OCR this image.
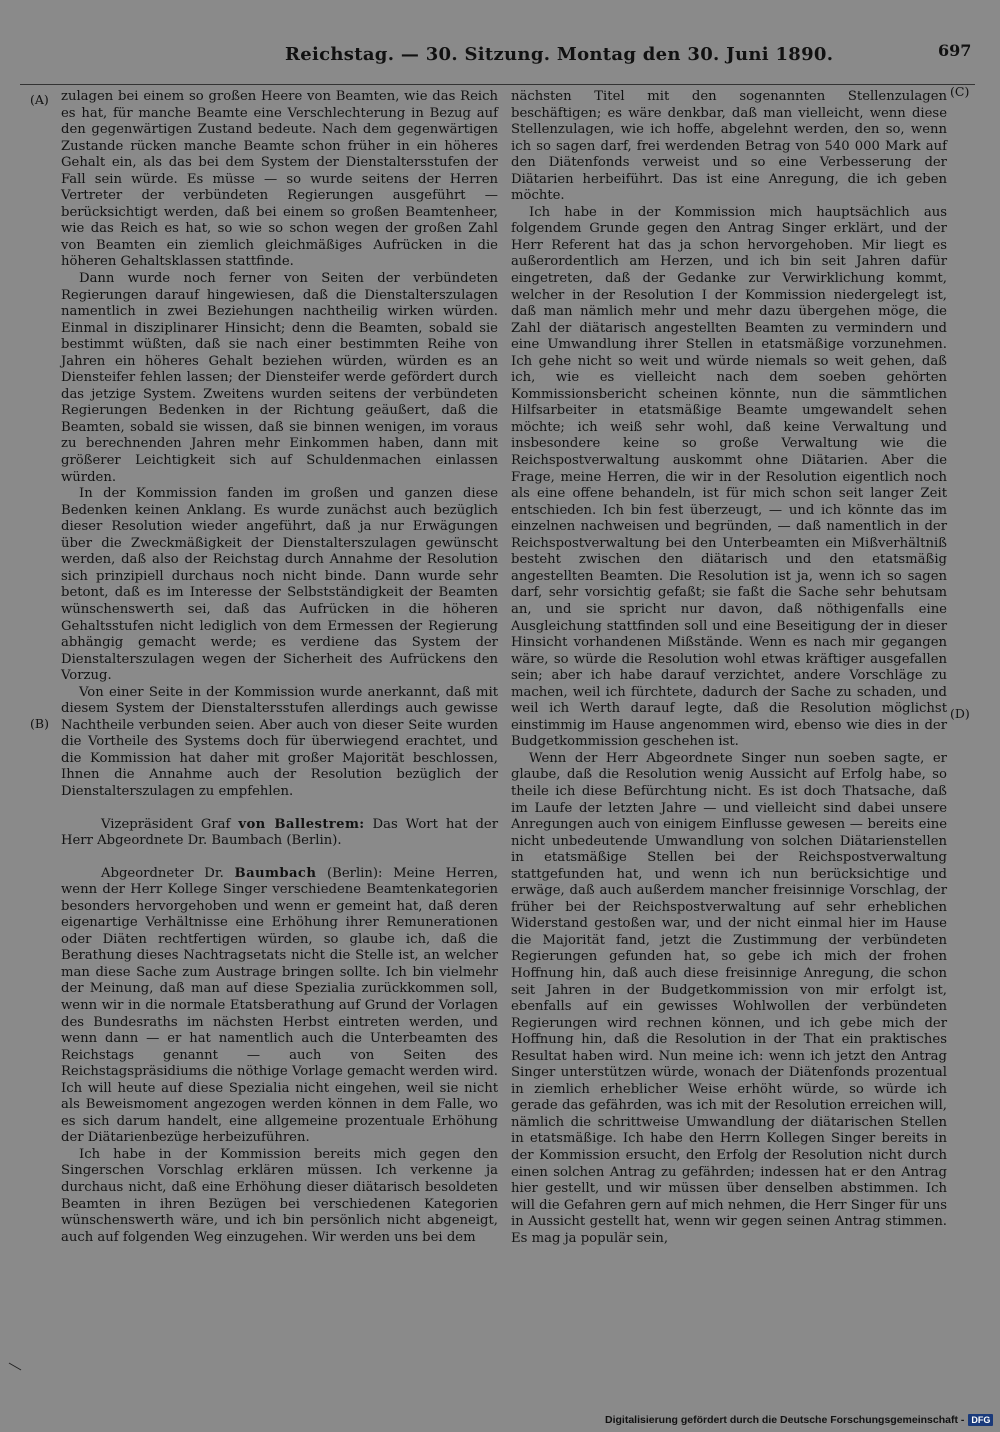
Reichstag. — 30. Sitzung. Montag den 30. Juni 1890.	697
(A)
(B)
(C)
(D)

zulagen bei einem so großen Heere von Beamten, wie das Reich es hat, für manche Beamte eine Verschlechterung in Bezug auf den gegenwärtigen Zustand bedeute. Nach dem gegenwärtigen Zustande rücken manche Beamte schon früher in ein höheres Gehalt ein, als das bei dem System der Dienstaltersstufen der Fall sein würde. Es müsse — so wurde seitens der Herren Vertreter der verbündeten Regierungen ausgeführt — berücksichtigt werden, daß bei einem so großen Beamtenheer, wie das Reich es hat, so wie so schon wegen der großen Zahl von Beamten ein ziemlich gleichmäßiges Aufrücken in die höheren Gehaltsklassen stattfinde.

Dann wurde noch ferner von Seiten der verbündeten Regierungen darauf hingewiesen, daß die Dienstalterszulagen namentlich in zwei Beziehungen nachtheilig wirken würden. Einmal in disziplinarer Hinsicht; denn die Beamten, sobald sie bestimmt wüßten, daß sie nach einer bestimmten Reihe von Jahren ein höheres Gehalt beziehen würden, würden es an Diensteifer fehlen lassen; der Diensteifer werde gefördert durch das jetzige System. Zweitens wurden seitens der verbündeten Regierungen Bedenken in der Richtung geäußert, daß die Beamten, sobald sie wissen, daß sie binnen wenigen, im voraus zu berechnenden Jahren mehr Einkommen haben, dann mit größerer Leichtigkeit sich auf Schuldenmachen einlassen würden.

In der Kommission fanden im großen und ganzen diese Bedenken keinen Anklang. Es wurde zunächst auch bezüglich dieser Resolution wieder angeführt, daß ja nur Erwägungen über die Zweckmäßigkeit der Dienstalterszulagen gewünscht werden, daß also der Reichstag durch Annahme der Resolution sich prinzipiell durchaus noch nicht binde. Dann wurde sehr betont, daß es im Interesse der Selbstständigkeit der Beamten wünschenswerth sei, daß das Aufrücken in die höheren Gehaltsstufen nicht lediglich von dem Ermessen der Regierung abhängig gemacht werde; es verdiene das System der Dienstalterszulagen wegen der Sicherheit des Aufrückens den Vorzug.

Von einer Seite in der Kommission wurde anerkannt, daß mit diesem System der Dienstaltersstufen allerdings auch gewisse Nachtheile verbunden seien. Aber auch von dieser Seite wurden die Vortheile des Systems doch für überwiegend erachtet, und die Kommission hat daher mit großer Majorität beschlossen, Ihnen die Annahme auch der Resolution bezüglich der Dienstalterszulagen zu empfehlen.

Vizepräsident Graf von Ballestrem: Das Wort hat der Herr Abgeordnete Dr. Baumbach (Berlin).

Abgeordneter Dr. Baumbach (Berlin): Meine Herren, wenn der Herr Kollege Singer verschiedene Beamtenkategorien besonders hervorgehoben und wenn er gemeint hat, daß deren eigenartige Verhältnisse eine Erhöhung ihrer Remunerationen oder Diäten rechtfertigen würden, so glaube ich, daß die Berathung dieses Nachtragsetats nicht die Stelle ist, an welcher man diese Sache zum Austrage bringen sollte. Ich bin vielmehr der Meinung, daß man auf diese Spezialia zurückkommen soll, wenn wir in die normale Etatsberathung auf Grund der Vorlagen des Bundesraths im nächsten Herbst eintreten werden, und wenn dann — er hat namentlich auch die Unterbeamten des Reichstags genannt — auch von Seiten des Reichstagspräsidiums die nöthige Vorlage gemacht werden wird. Ich will heute auf diese Spezialia nicht eingehen, weil sie nicht als Beweismoment angezogen werden können in dem Falle, wo es sich darum handelt, eine allgemeine prozentuale Erhöhung der Diätarienbezüge herbeizuführen.

Ich habe in der Kommission bereits mich gegen den Singerschen Vorschlag erklären müssen. Ich verkenne ja durchaus nicht, daß eine Erhöhung dieser diätarisch besoldeten Beamten in ihren Bezügen bei verschiedenen Kategorien wünschenswerth wäre, und ich bin persönlich nicht abgeneigt, auch auf folgenden Weg einzugehen. Wir werden uns bei dem

nächsten Titel mit den sogenannten Stellenzulagen beschäftigen; es wäre denkbar, daß man vielleicht, wenn diese Stellenzulagen, wie ich hoffe, abgelehnt werden, den so, wenn ich so sagen darf, frei werdenden Betrag von 540 000 Mark auf den Diätenfonds verweist und so eine Verbesserung der Diätarien herbeiführt. Das ist eine Anregung, die ich geben möchte.

Ich habe in der Kommission mich hauptsächlich aus folgendem Grunde gegen den Antrag Singer erklärt, und der Herr Referent hat das ja schon hervorgehoben. Mir liegt es außerordentlich am Herzen, und ich bin seit Jahren dafür eingetreten, daß der Gedanke zur Verwirklichung kommt, welcher in der Resolution I der Kommission niedergelegt ist, daß man nämlich mehr und mehr dazu übergehen möge, die Zahl der diätarisch angestellten Beamten zu vermindern und eine Umwandlung ihrer Stellen in etatsmäßige vorzunehmen. Ich gehe nicht so weit und würde niemals so weit gehen, daß ich, wie es vielleicht nach dem soeben gehörten Kommissionsbericht scheinen könnte, nun die sämmtlichen Hilfsarbeiter in etatsmäßige Beamte umgewandelt sehen möchte; ich weiß sehr wohl, daß keine Verwaltung und insbesondere keine so große Verwaltung wie die Reichspostverwaltung auskommt ohne Diätarien. Aber die Frage, meine Herren, die wir in der Resolution eigentlich noch als eine offene behandeln, ist für mich schon seit langer Zeit entschieden. Ich bin fest überzeugt, — und ich könnte das im einzelnen nachweisen und begründen, — daß namentlich in der Reichspostverwaltung bei den Unterbeamten ein Mißverhältniß besteht zwischen den diätarisch und den etatsmäßig angestellten Beamten. Die Resolution ist ja, wenn ich so sagen darf, sehr vorsichtig gefaßt; sie faßt die Sache sehr behutsam an, und sie spricht nur davon, daß nöthigenfalls eine Ausgleichung stattfinden soll und eine Beseitigung der in dieser Hinsicht vorhandenen Mißstände. Wenn es nach mir gegangen wäre, so würde die Resolution wohl etwas kräftiger ausgefallen sein; aber ich habe darauf verzichtet, andere Vorschläge zu machen, weil ich fürchtete, dadurch der Sache zu schaden, und weil ich Werth darauf legte, daß die Resolution möglichst einstimmig im Hause angenommen wird, ebenso wie dies in der Budgetkommission geschehen ist.

Wenn der Herr Abgeordnete Singer nun soeben sagte, er glaube, daß die Resolution wenig Aussicht auf Erfolg habe, so theile ich diese Befürchtung nicht. Es ist doch Thatsache, daß im Laufe der letzten Jahre — und vielleicht sind dabei unsere Anregungen auch von einigem Einflusse gewesen — bereits eine nicht unbedeutende Umwandlung von solchen Diätarienstellen in etatsmäßige Stellen bei der Reichspostverwaltung stattgefunden hat, und wenn ich nun berücksichtige und erwäge, daß auch außerdem mancher freisinnige Vorschlag, der früher bei der Reichspostverwaltung auf sehr erheblichen Widerstand gestoßen war, und der nicht einmal hier im Hause die Majorität fand, jetzt die Zustimmung der verbündeten Regierungen gefunden hat, so gebe ich mich der frohen Hoffnung hin, daß auch diese freisinnige Anregung, die schon seit Jahren in der Budgetkommission von mir erfolgt ist, ebenfalls auf ein gewisses Wohlwollen der verbündeten Regierungen wird rechnen können, und ich gebe mich der Hoffnung hin, daß die Resolution in der That ein praktisches Resultat haben wird. Nun meine ich: wenn ich jetzt den Antrag Singer unterstützen würde, wonach der Diätenfonds prozentual in ziemlich erheblicher Weise erhöht würde, so würde ich gerade das gefährden, was ich mit der Resolution erreichen will, nämlich die schrittweise Umwandlung der diätarischen Stellen in etatsmäßige. Ich habe den Herrn Kollegen Singer bereits in der Kommission ersucht, den Erfolg der Resolution nicht durch einen solchen Antrag zu gefährden; indessen hat er den Antrag hier gestellt, und wir müssen über denselben abstimmen. Ich will die Gefahren gern auf mich nehmen, die Herr Singer für uns in Aussicht gestellt hat, wenn wir gegen seinen Antrag stimmen. Es mag ja populär sein,

Digitalisierung gefördert durch die Deutsche Forschungsgemeinschaft - DFG
